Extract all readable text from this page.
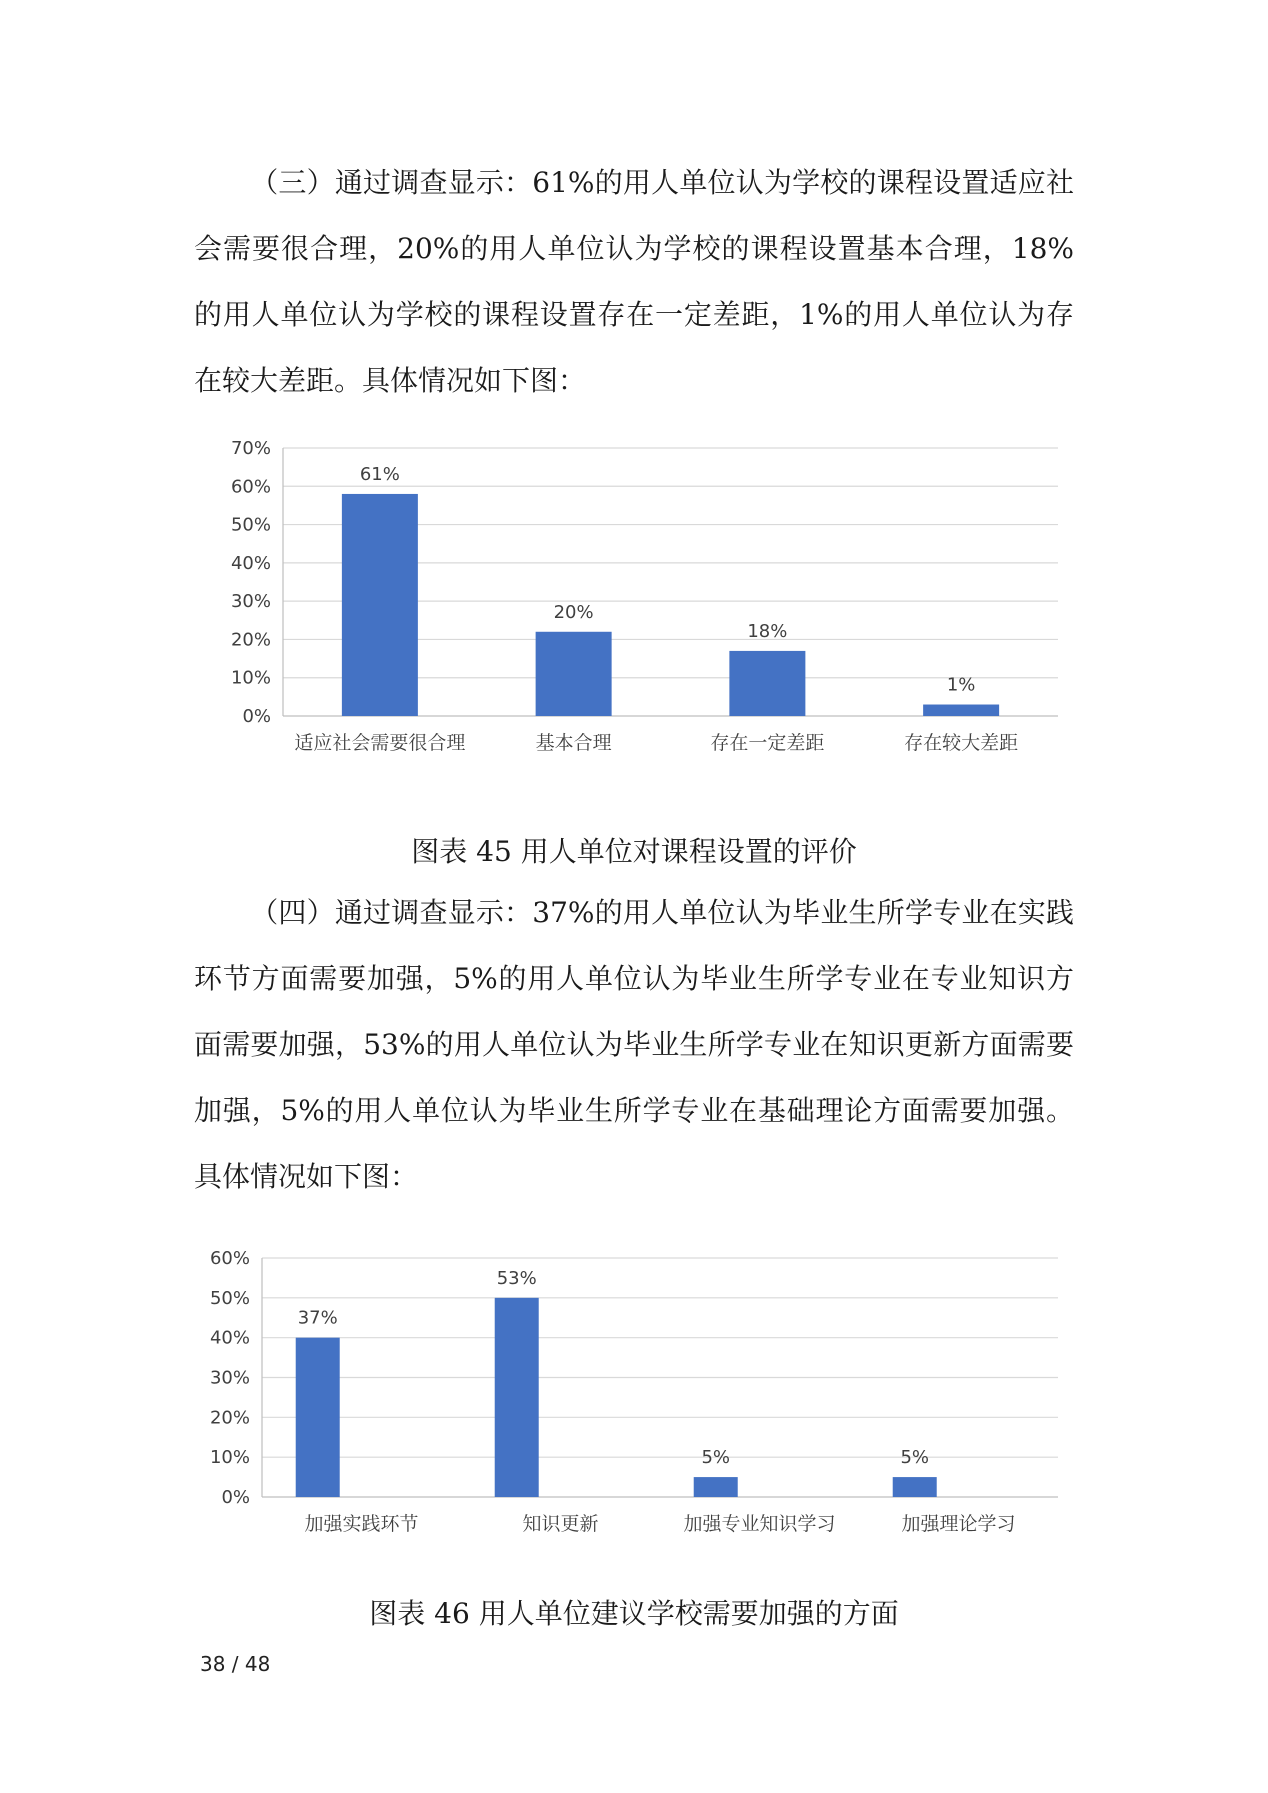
（三）通过调查显示：61%的用人单位认为学校的课程设置适应社会需要很合理，20%的用人单位认为学校的课程设置基本合理，18%的用人单位认为学校的课程设置存在一定差距，1%的用人单位认为存在较大差距。具体情况如下图：

0%
10%
20%
30%
40%
50%
60%
70%
61%
适应社会需要很合理
20%
基本合理
18%
存在一定差距
1%
存在较大差距

图表 45 用人单位对课程设置的评价

（四）通过调查显示：37%的用人单位认为毕业生所学专业在实践环节方面需要加强，5%的用人单位认为毕业生所学专业在专业知识方面需要加强，53%的用人单位认为毕业生所学专业在知识更新方面需要加强，5%的用人单位认为毕业生所学专业在基础理论方面需要加强。具体情况如下图：

0%
10%
20%
30%
40%
50%
60%
37%
加强实践环节
53%
知识更新
5%
加强专业知识学习
5%
加强理论学习

图表 46 用人单位建议学校需要加强的方面

38 / 48
